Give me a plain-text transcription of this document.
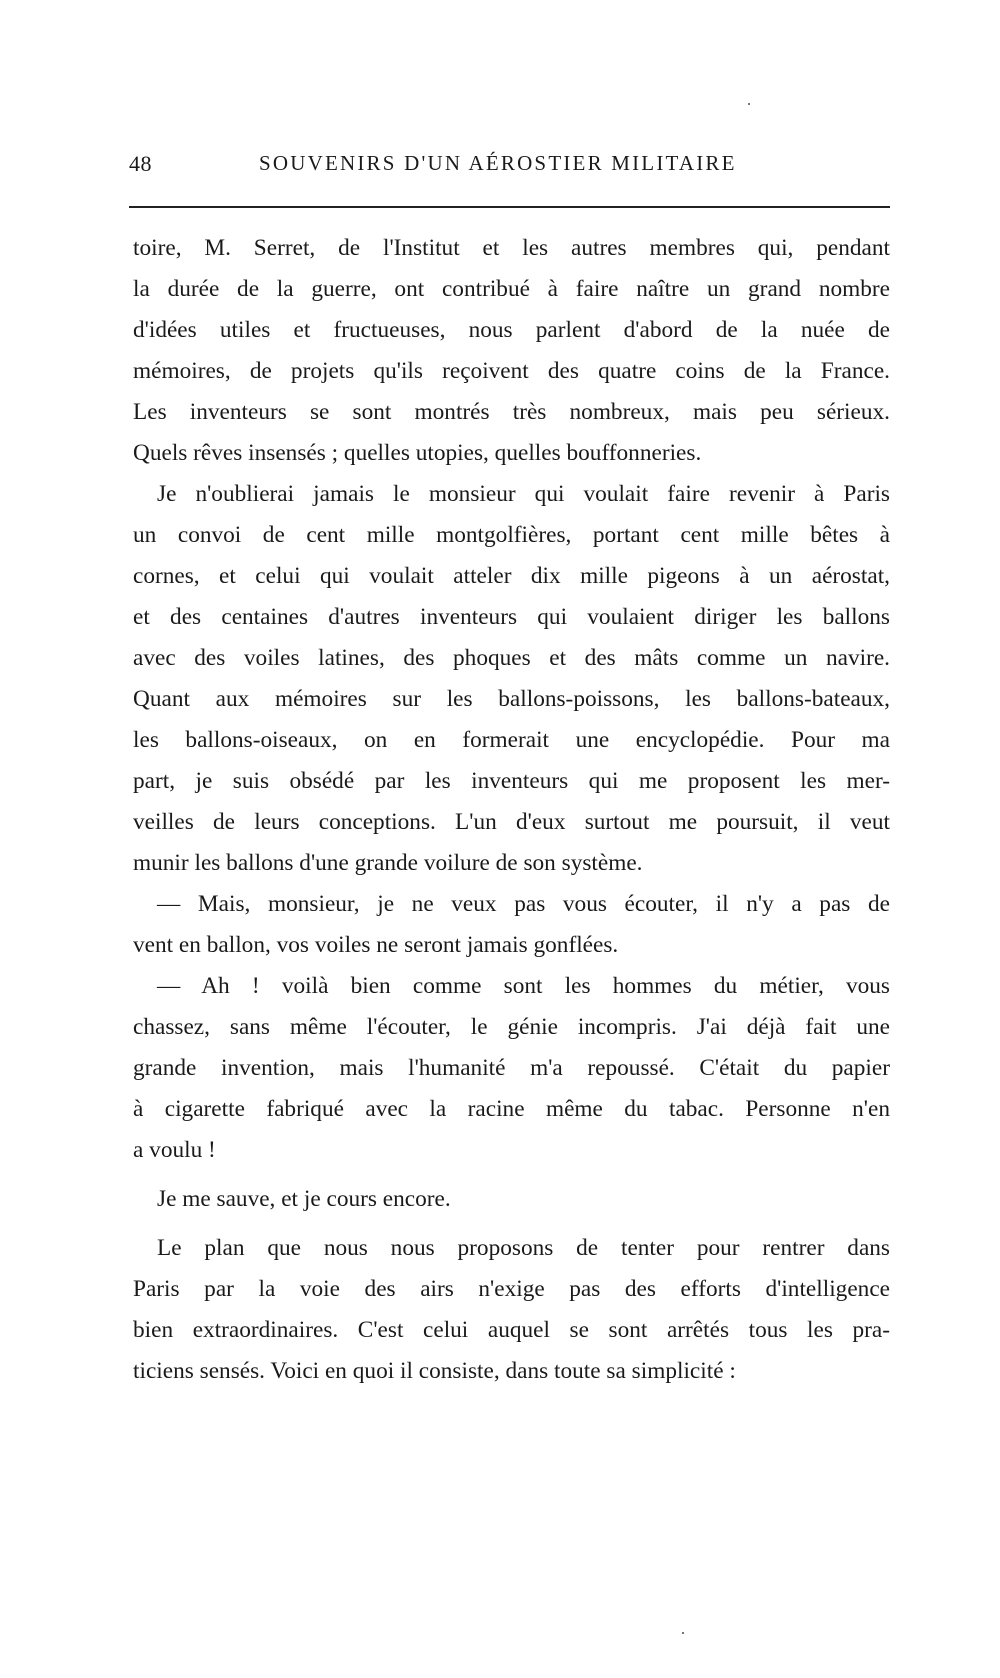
48	SOUVENIRS D'UN AÉROSTIER MILITAIRE
toire, M. Serret, de l'Institut et les autres membres qui, pendant
la durée de la guerre, ont contribué à faire naître un grand nombre
d'idées utiles et fructueuses, nous parlent d'abord de la nuée de
mémoires, de projets qu'ils reçoivent des quatre coins de la France.
Les inventeurs se sont montrés très nombreux, mais peu sérieux.
Quels rêves insensés ; quelles utopies, quelles bouffonneries.
Je n'oublierai jamais le monsieur qui voulait faire revenir à Paris
un convoi de cent mille montgolfières, portant cent mille bêtes à
cornes, et celui qui voulait atteler dix mille pigeons à un aérostat,
et des centaines d'autres inventeurs qui voulaient diriger les ballons
avec des voiles latines, des phoques et des mâts comme un navire.
Quant aux mémoires sur les ballons-poissons, les ballons-bateaux,
les ballons-oiseaux, on en formerait une encyclopédie. Pour ma
part, je suis obsédé par les inventeurs qui me proposent les mer-
veilles de leurs conceptions. L'un d'eux surtout me poursuit, il veut
munir les ballons d'une grande voilure de son système.
— Mais, monsieur, je ne veux pas vous écouter, il n'y a pas de
vent en ballon, vos voiles ne seront jamais gonflées.
— Ah ! voilà bien comme sont les hommes du métier, vous
chassez, sans même l'écouter, le génie incompris. J'ai déjà fait une
grande invention, mais l'humanité m'a repoussé. C'était du papier
à cigarette fabriqué avec la racine même du tabac. Personne n'en
a voulu !
Je me sauve, et je cours encore.
Le plan que nous nous proposons de tenter pour rentrer dans
Paris par la voie des airs n'exige pas des efforts d'intelligence
bien extraordinaires. C'est celui auquel se sont arrêtés tous les pra-
ticiens sensés. Voici en quoi il consiste, dans toute sa simplicité :
